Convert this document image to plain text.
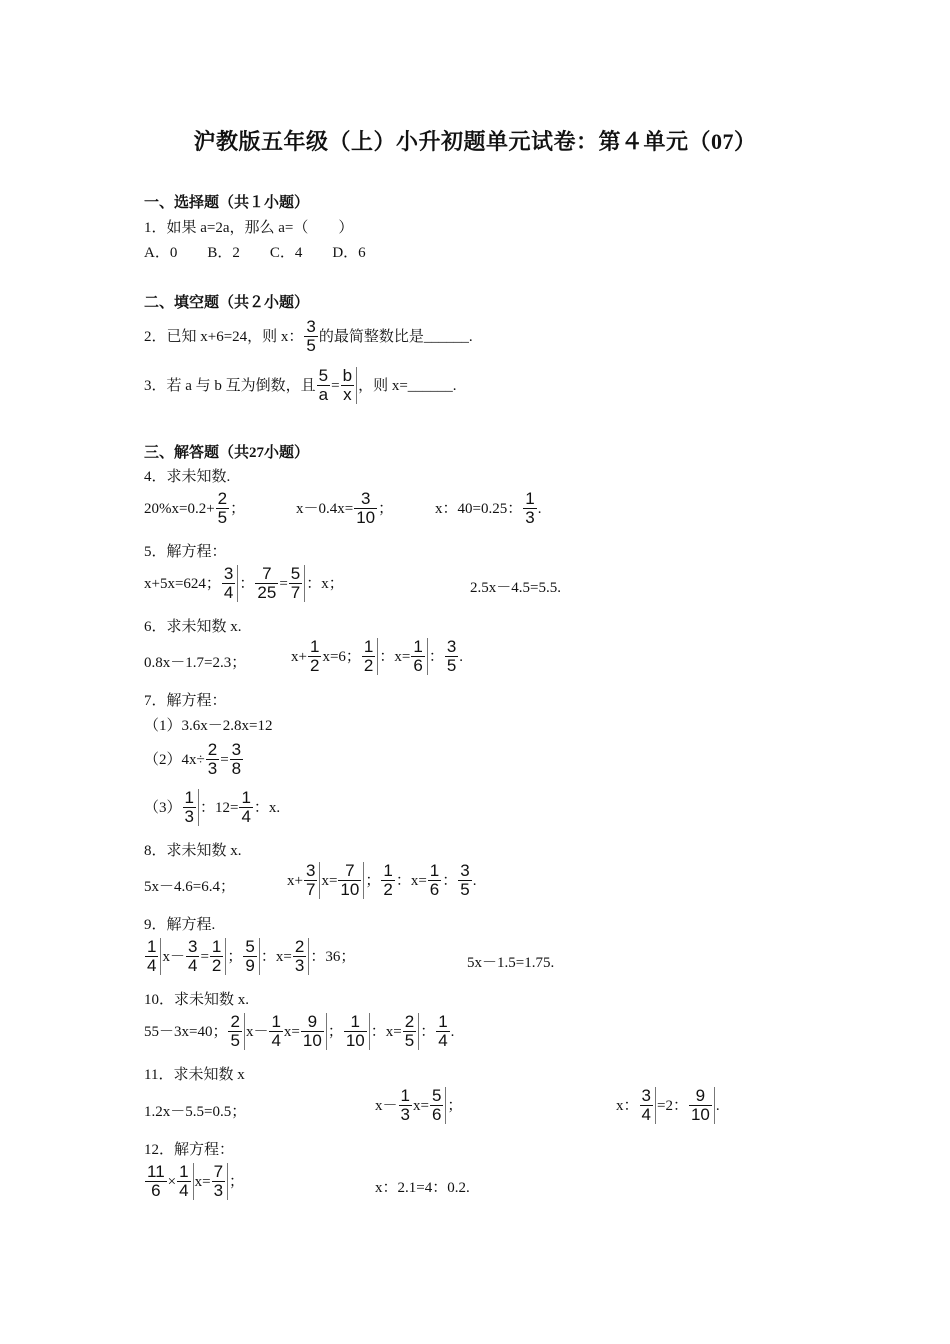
沪教版五年级（上）小升初题单元试卷：第４单元（07）
一、选择题（共１小题）
1．如果 a=2a，那么 a=（　　）
A．0　　B．2　　C．4　　D．6
二、填空题（共２小题）
2．已知 x+6=24，则 x： $\frac{3}{5}$ 的最简整数比是______.
3．若 a 与 b 互为倒数，且 $\frac{5}{a} = \frac{b}{x}$ ，则 x=______.
三、解答题（共27小题）
4．求未知数.
$20\%x=0.2+ \frac{2}{5}$ ；	$x-0.4x= \frac{3}{10}$ ；	x：40=0.25： $\frac{1}{3}$ .
5．解方程：
x+5x=624； $\frac{3}{4}$ ： $\frac{7}{25} = \frac{5}{7}$ ：x；	2.5x－4.5=5.5.
6．求未知数 x.
0.8x－1.7=2.3；	$x+ \frac{1}{2} x=6$； $\frac{1}{2}$ ：$x= \frac{1}{6}$ ： $\frac{3}{5}$ .
7．解方程：
（1）3.6x－2.8x=12
$(2)4x\div \frac{2}{3} = \frac{3}{8}$
$(3) \frac{1}{3}$ ：$12= \frac{1}{4}$ ：x.
8．求未知数 x.
5x－4.6=6.4；	$x+ \frac{3}{7} x= \frac{7}{10}$ ； $\frac{1}{2}$ ：$x= \frac{1}{6}$ ： $\frac{3}{5}$ .
9．解方程.
$\frac{1}{4} x- \frac{3}{4} = \frac{1}{2}$ ； $\frac{5}{9}$ ：$x= \frac{2}{3}$ ：36；	5x－1.5=1.75.
10．求未知数 x.
55－3x=40； $\frac{2}{5} x- \frac{1}{4} x= \frac{9}{10}$ ； $\frac{1}{10}$ ：$x= \frac{2}{5}$ ： $\frac{1}{4}$ .
11．求未知数 x
1.2x－5.5=0.5；	$x- \frac{1}{3} x= \frac{5}{6}$ ；	x： $\frac{3}{4} =2$： $\frac{9}{10}$ .
12．解方程：
$\frac{11}{6} \times \frac{1}{4} x= \frac{7}{3}$ ；	x：2.1=4：0.2.
